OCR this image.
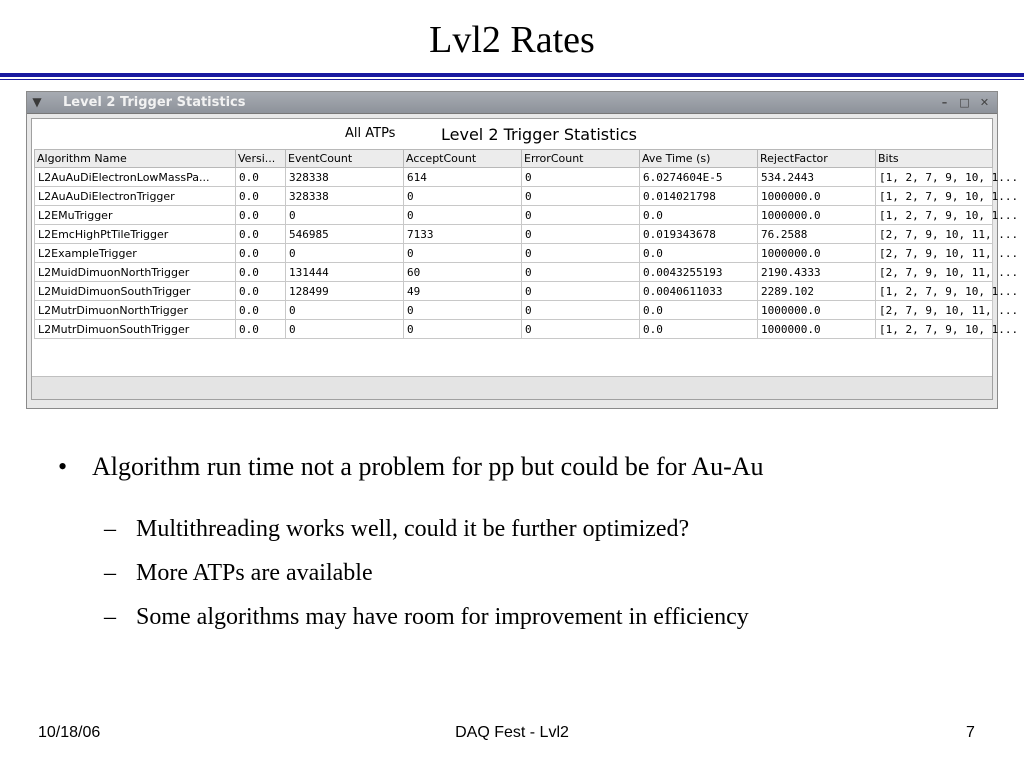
Lvl2 Rates
▼ Level 2 Trigger Statistics	–	□ ✕
All ATPs	Level 2 Trigger Statistics
Algorithm Name	Versi...	EventCount	AcceptCount	ErrorCount	Ave Time (s)	RejectFactor	Bits
L2AuAuDiElectronLowMassPa...	0.0	328338	614	0	6.0274604E-5	534.2443	[1, 2, 7, 9, 10, 1...
L2AuAuDiElectronTrigger	0.0	328338	0	0	0.014021798	1000000.0	[1, 2, 7, 9, 10, 1...
L2EMuTrigger	0.0	0	0	0	0.0	1000000.0	[1, 2, 7, 9, 10, 1...
L2EmcHighPtTileTrigger	0.0	546985	7133	0	0.019343678	76.2588	[2, 7, 9, 10, 11, ...
L2ExampleTrigger	0.0	0	0	0	0.0	1000000.0	[2, 7, 9, 10, 11, ...
L2MuidDimuonNorthTrigger	0.0	131444	60	0	0.0043255193	2190.4333	[2, 7, 9, 10, 11, ...
L2MuidDimuonSouthTrigger	0.0	128499	49	0	0.0040611033	2289.102	[1, 2, 7, 9, 10, 1...
L2MutrDimuonNorthTrigger	0.0	0	0	0	0.0	1000000.0	[2, 7, 9, 10, 11, ...
L2MutrDimuonSouthTrigger	0.0	0	0	0	0.0	1000000.0	[1, 2, 7, 9, 10, 1...
• Algorithm run time not a problem for pp but could be for Au-Au
– Multithreading works well, could it be further optimized?
– More ATPs are available
– Some algorithms may have room for improvement in efficiency
10/18/06	DAQ Fest - Lvl2	7
